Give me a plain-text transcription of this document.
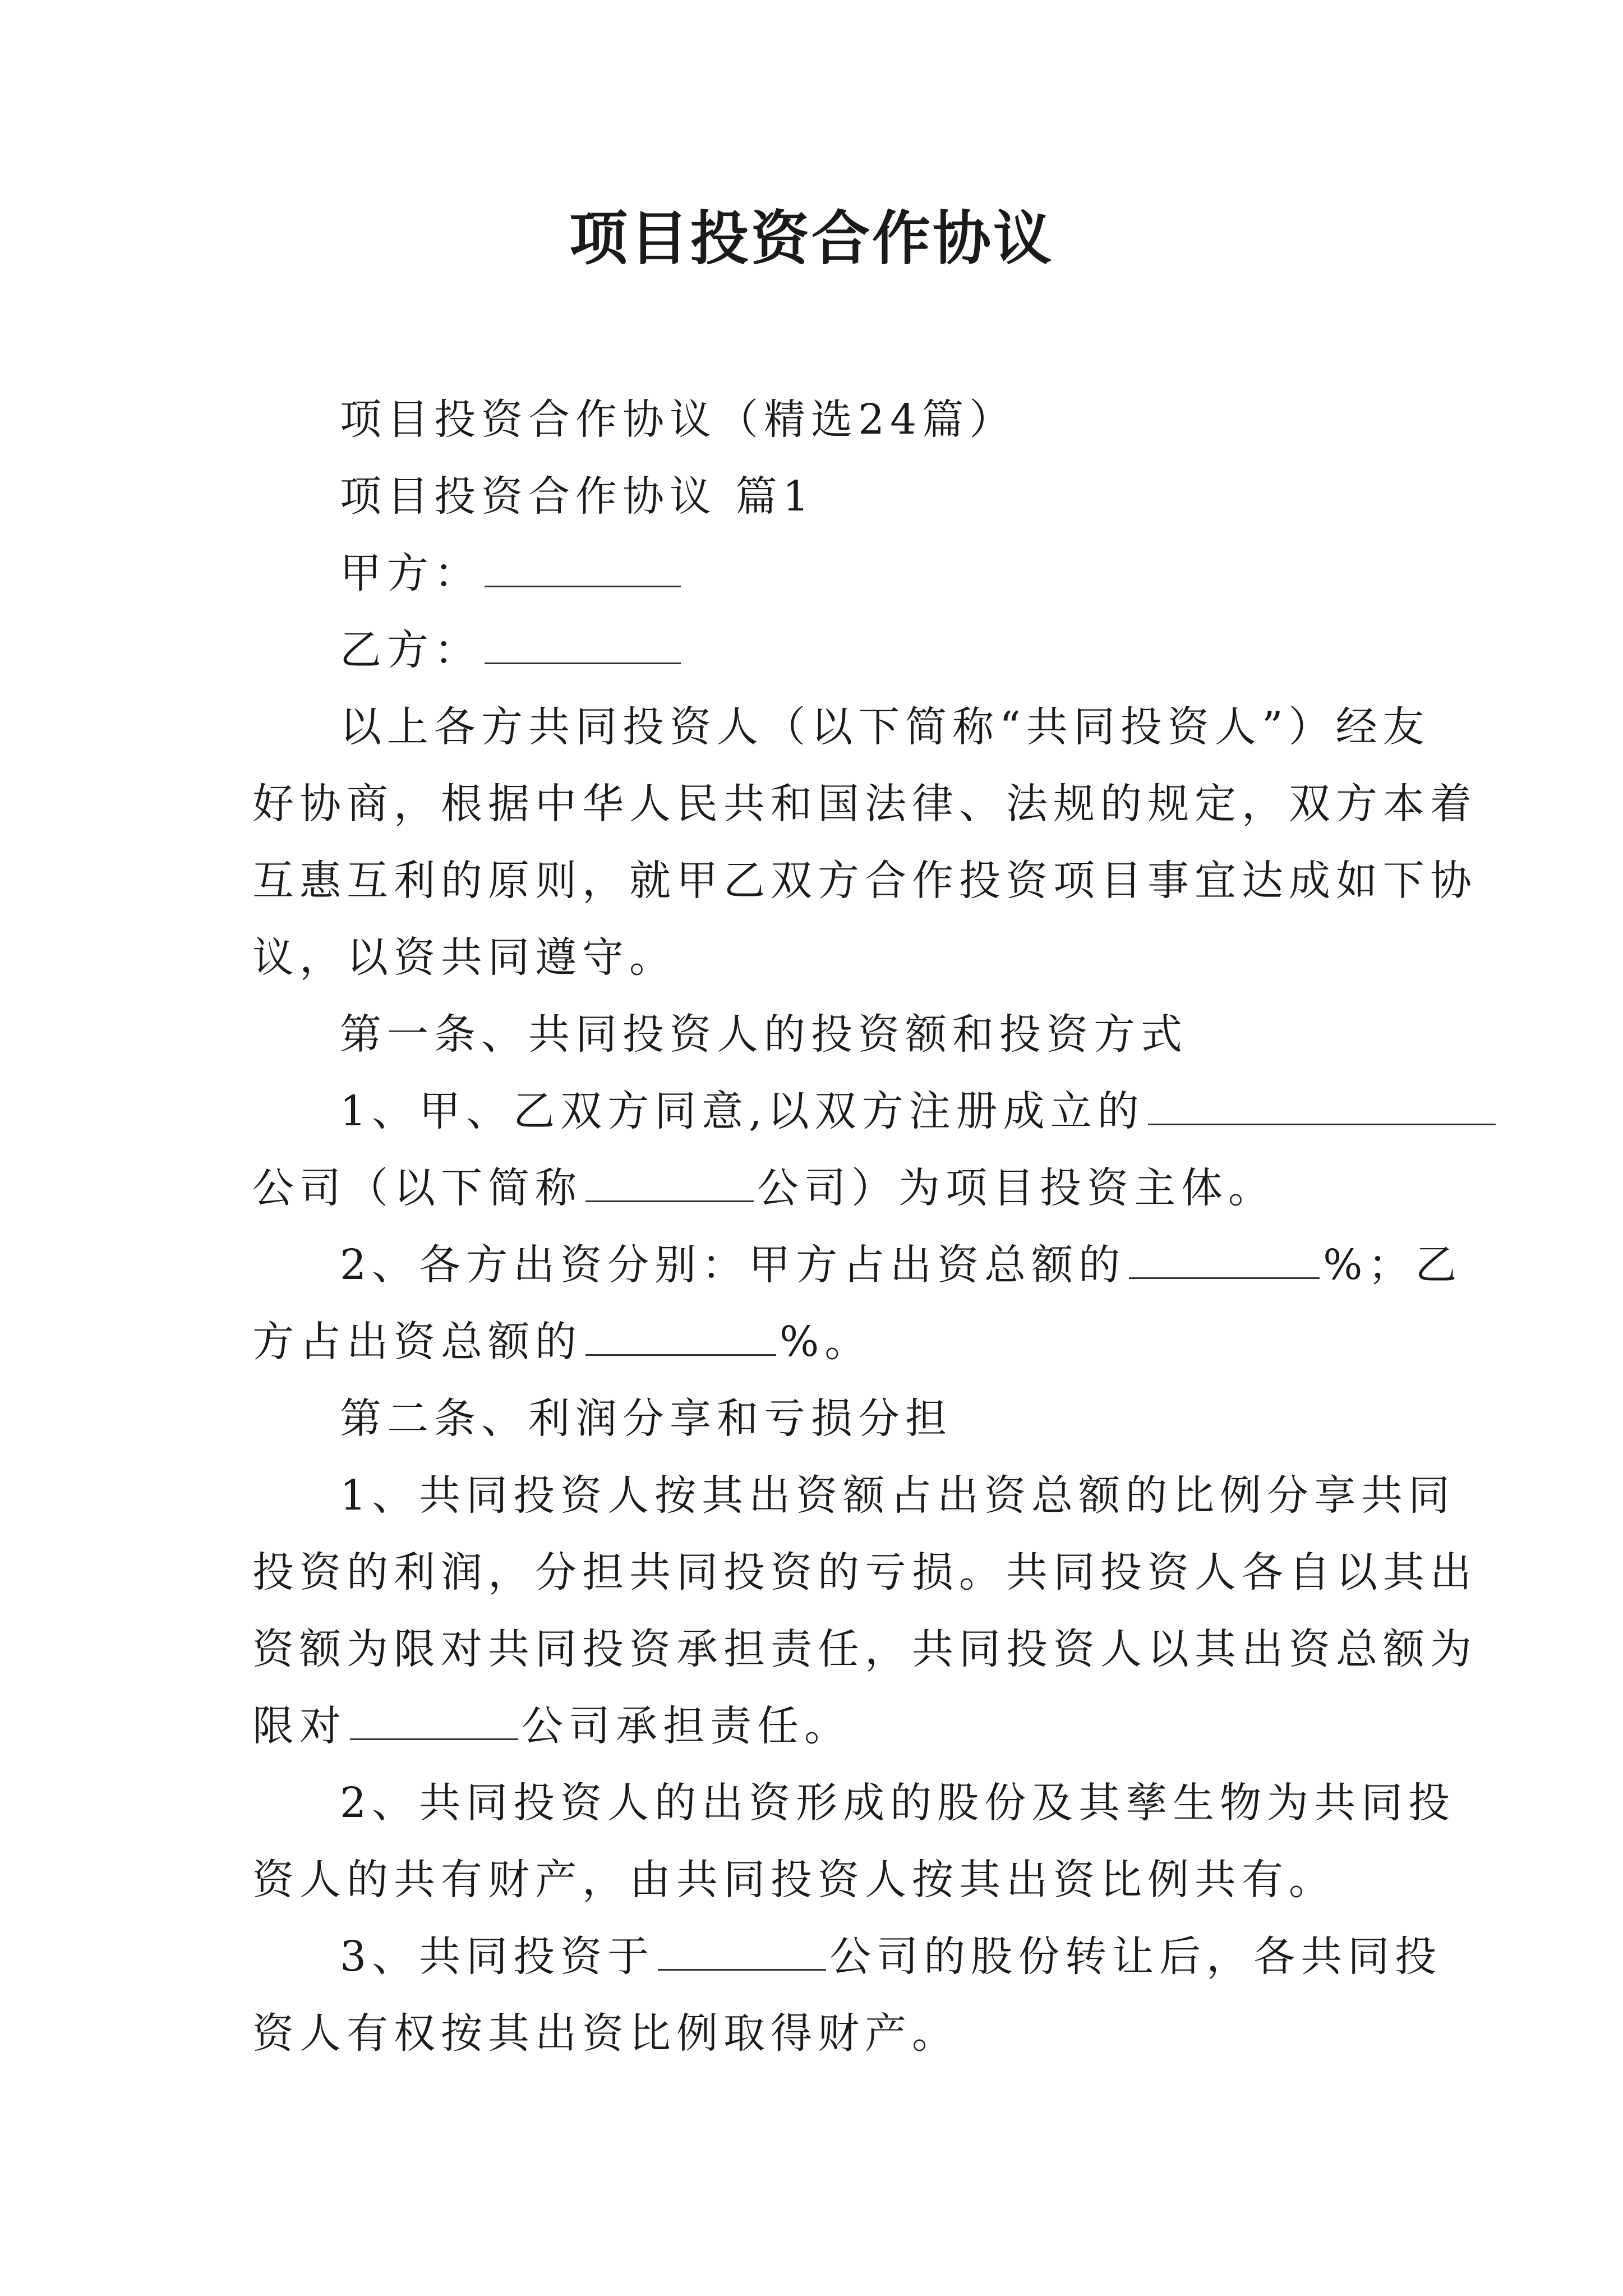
项目投资合作协议
项目投资合作协议（精选24篇）
项目投资合作协议 篇1
甲方：
乙方：
以上各方共同投资人（以下简称“共同投资人”）经友
好协商，根据中华人民共和国法律、法规的规定，双方本着
互惠互利的原则，就甲乙双方合作投资项目事宜达成如下协
议，以资共同遵守。
第一条、共同投资人的投资额和投资方式
1、甲、乙双方同意,以双方注册成立的
公司（以下简称	公司）为项目投资主体。
2、各方出资分别：甲方占出资总额的	%；乙
方占出资总额的	%。
第二条、利润分享和亏损分担
1、共同投资人按其出资额占出资总额的比例分享共同
投资的利润，分担共同投资的亏损。共同投资人各自以其出
资额为限对共同投资承担责任，共同投资人以其出资总额为
限对	公司承担责任。
2、共同投资人的出资形成的股份及其孳生物为共同投
资人的共有财产，由共同投资人按其出资比例共有。
3、共同投资于	公司的股份转让后，各共同投
资人有权按其出资比例取得财产。
